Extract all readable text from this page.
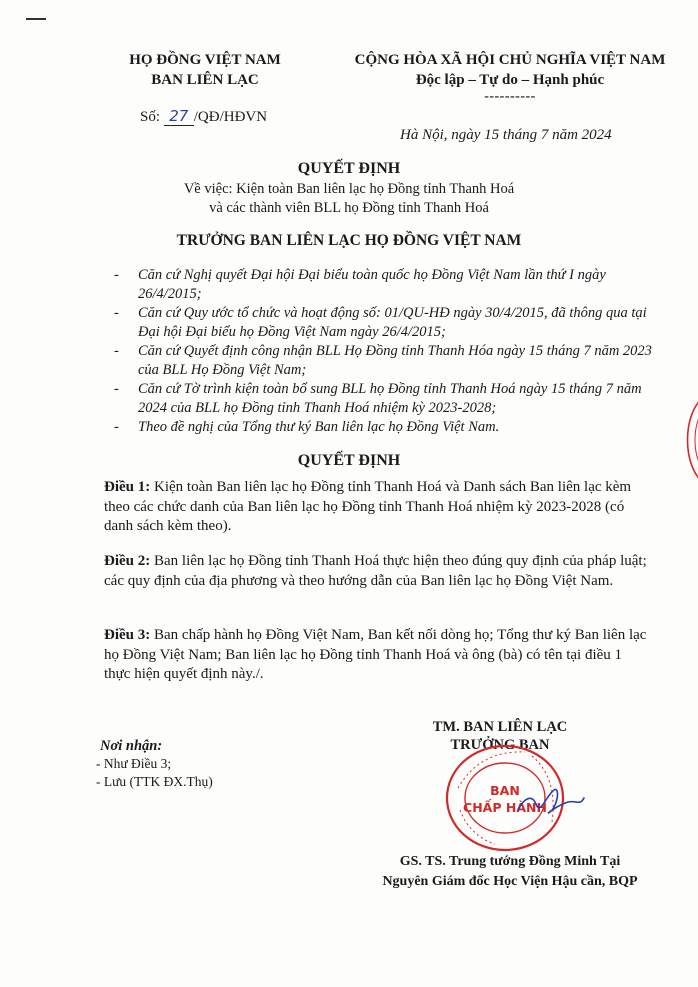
HỌ ĐỒNG VIỆT NAM
BAN LIÊN LẠC
Số: 27 /QĐ/HĐVN
CỘNG HÒA XÃ HỘI CHỦ NGHĨA VIỆT NAM
Độc lập – Tự do – Hạnh phúc
----------
Hà Nội, ngày 15 tháng 7 năm 2024
QUYẾT ĐỊNH
Về việc: Kiện toàn Ban liên lạc họ Đồng tỉnh Thanh Hoá
và các thành viên BLL họ Đồng tỉnh Thanh Hoá
TRƯỞNG BAN LIÊN LẠC HỌ ĐỒNG VIỆT NAM
- Căn cứ Nghị quyết Đại hội Đại biểu toàn quốc họ Đồng Việt Nam lần thứ I ngày 26/4/2015;
- Căn cứ Quy ước tổ chức và hoạt động số: 01/QU-HĐ ngày 30/4/2015, đã thông qua tại Đại hội Đại biểu họ Đồng Việt Nam ngày 26/4/2015;
- Căn cứ Quyết định công nhận BLL Họ Đồng tỉnh Thanh Hóa ngày 15 tháng 7 năm 2023 của BLL Họ Đồng Việt Nam;
- Căn cứ Tờ trình kiện toàn bổ sung BLL họ Đồng tỉnh Thanh Hoá ngày 15 tháng 7 năm 2024 của BLL họ Đồng tỉnh Thanh Hoá nhiệm kỳ 2023-2028;
- Theo đề nghị của Tổng thư ký Ban liên lạc họ Đồng Việt Nam.
QUYẾT ĐỊNH

Điều 1: Kiện toàn Ban liên lạc họ Đồng tỉnh Thanh Hoá và Danh sách Ban liên lạc kèm theo các chức danh của Ban liên lạc họ Đồng tỉnh Thanh Hoá nhiệm kỳ 2023-2028 (có danh sách kèm theo).

Điều 2: Ban liên lạc họ Đồng tỉnh Thanh Hoá thực hiện theo đúng quy định của pháp luật; các quy định của địa phương và theo hướng dẫn của Ban liên lạc họ Đồng Việt Nam.

Điều 3: Ban chấp hành họ Đồng Việt Nam, Ban kết nối dòng họ; Tổng thư ký Ban liên lạc họ Đồng Việt Nam; Ban liên lạc họ Đồng tỉnh Thanh Hoá và ông (bà) có tên tại điều 1 thực hiện quyết định này./.

Nơi nhận:
- Như Điều 3;
- Lưu (TTK ĐX.Thụ)
TM. BAN LIÊN LẠC
TRƯỞNG BAN
BAN
CHẤP HÀNH
GS. TS. Trung tướng Đồng Minh Tại
Nguyên Giám đốc Học Viện Hậu cần, BQP
